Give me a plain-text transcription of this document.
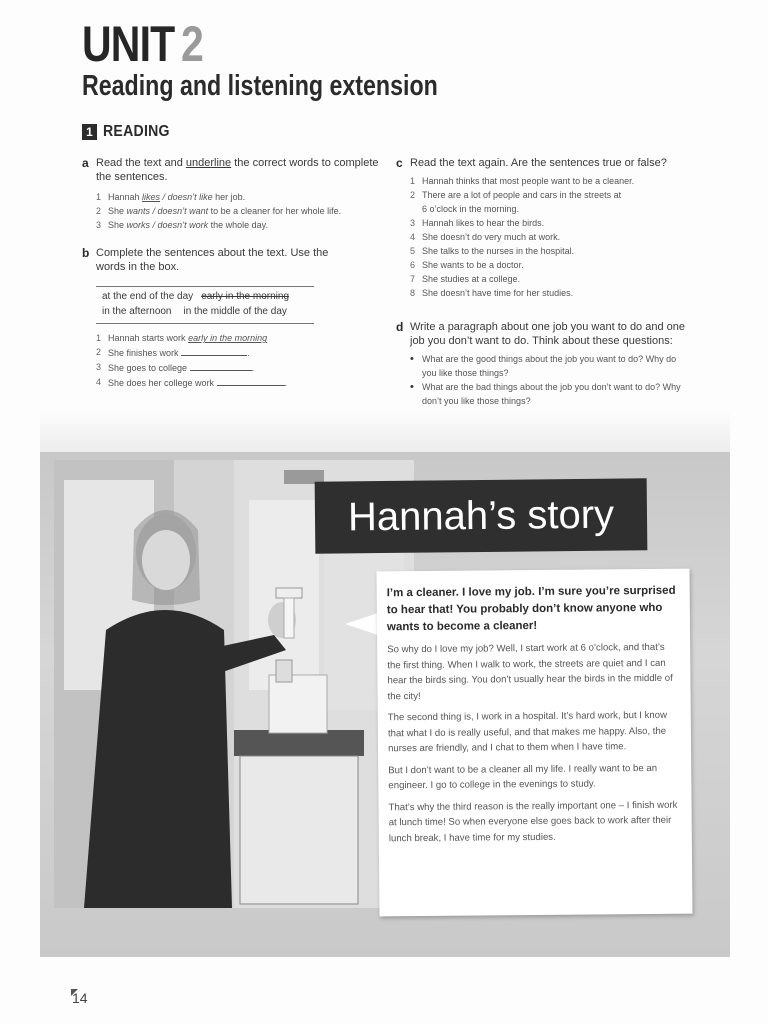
UNIT 2
Reading and listening extension
1 READING
a Read the text and underline the correct words to complete the sentences.
1 Hannah likes / doesn’t like her job.
2 She wants / doesn’t want to be a cleaner for her whole life.
3 She works / doesn’t work the whole day.
b Complete the sentences about the text. Use the words in the box.
at the end of the day early in the morning
in the afternoon in the middle of the day
1 Hannah starts work early in the morning
2 She finishes work	.
3 She goes to college	.
4 She does her college work	.
c Read the text again. Are the sentences true or false?
1 Hannah thinks that most people want to be a cleaner.
2 There are a lot of people and cars in the streets at
6 o’clock in the morning.
3 Hannah likes to hear the birds.
4 She doesn’t do very much at work.
5 She talks to the nurses in the hospital.
6 She wants to be a doctor.
7 She studies at a college.
8 She doesn’t have time for her studies.
d Write a paragraph about one job you want to do and one job you don’t want to do. Think about these questions:
• What are the good things about the job you want to do? Why do you like those things?
• What are the bad things about the job you don’t want to do? Why don’t you like those things?
Hannah’s story

I’m a cleaner. I love my job. I’m sure you’re surprised to hear that! You probably don’t know anyone who wants to become a cleaner!

So why do I love my job? Well, I start work at 6 o’clock, and that’s the first thing. When I walk to work, the streets are quiet and I can hear the birds sing. You don’t usually hear the birds in the middle of the city!

The second thing is, I work in a hospital. It’s hard work, but I know that what I do is really useful, and that makes me happy. Also, the nurses are friendly, and I chat to them when I have time.

But I don’t want to be a cleaner all my life. I really want to be an engineer. I go to college in the evenings to study.

That’s why the third reason is the really important one – I finish work at lunch time! So when everyone else goes back to work after their lunch break, I have time for my studies.

14
